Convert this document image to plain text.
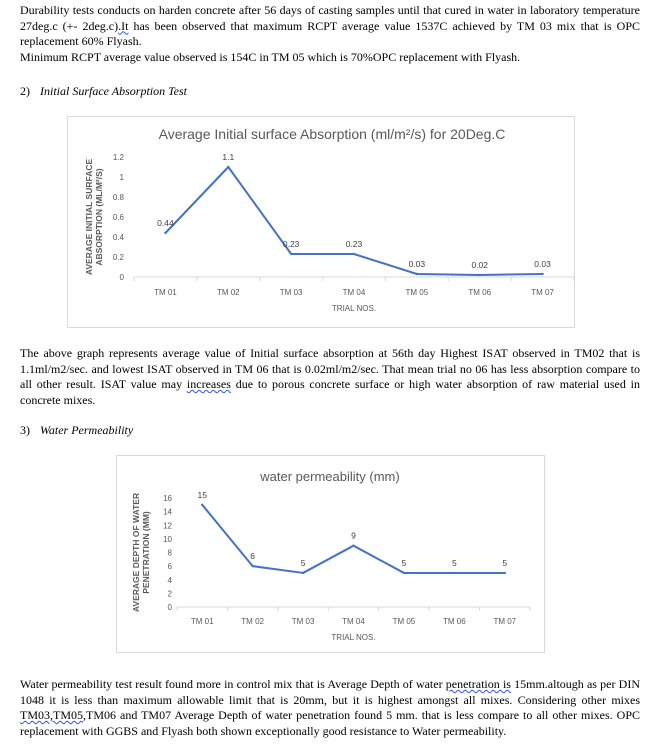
Durability tests conducts on harden concrete after 56 days of casting samples until that cured in water in laboratory temperature 27deg.c (+- 2deg.c).It has been observed that maximum RCPT average value 1537C achieved by TM 03 mix that is OPC replacement 60% Flyash.
Minimum RCPT average value observed is 154C in TM 05 which is 70%OPC replacement with Flyash.

2) Initial Surface Absorption Test

Average Initial surface Absorption (ml/m²/s) for 20Deg.C
0
0.2
0.4
0.6
0.8
1
1.2
TM 01	TM 02	TM 03	TM 04	TM 05	TM 06	TM 07
TRIAL NOS.
AVERAGE INITIAL SURFACE ABSORPTION (ML/M²/S)	0.44
1.1
0.23	0.23
0.03	0.02	0.03

The above graph represents average value of Initial surface absorption at 56th day Highest ISAT observed in TM02 that is 1.1ml/m2/sec. and lowest ISAT observed in TM 06 that is 0.02ml/m2/sec. That mean trial no 06 has less absorption compare to all other result. ISAT value may increases due to porous concrete surface or high water absorption of raw material used in concrete mixes.

3) Water Permeability

water permeability (mm)
0
2
4
6
8
10
12
14
16
TM 01	TM 02	TM 03	TM 04	TM 05	TM 06	TM 07
TRIAL NOS.
AVERAGE DEPTH OF WATER PENETRATION (MM)
15
6
5
9
5	5	5

Water permeability test result found more in control mix that is Average Depth of water penetration is 15mm.altough as per DIN 1048 it is less than maximum allowable limit that is 20mm, but it is highest amongst all mixes. Considering other mixes TM03,TM05,TM06 and TM07 Average Depth of water penetration found 5 mm. that is less compare to all other mixes. OPC replacement with GGBS and Flyash both shown exceptionally good resistance to Water permeability.
